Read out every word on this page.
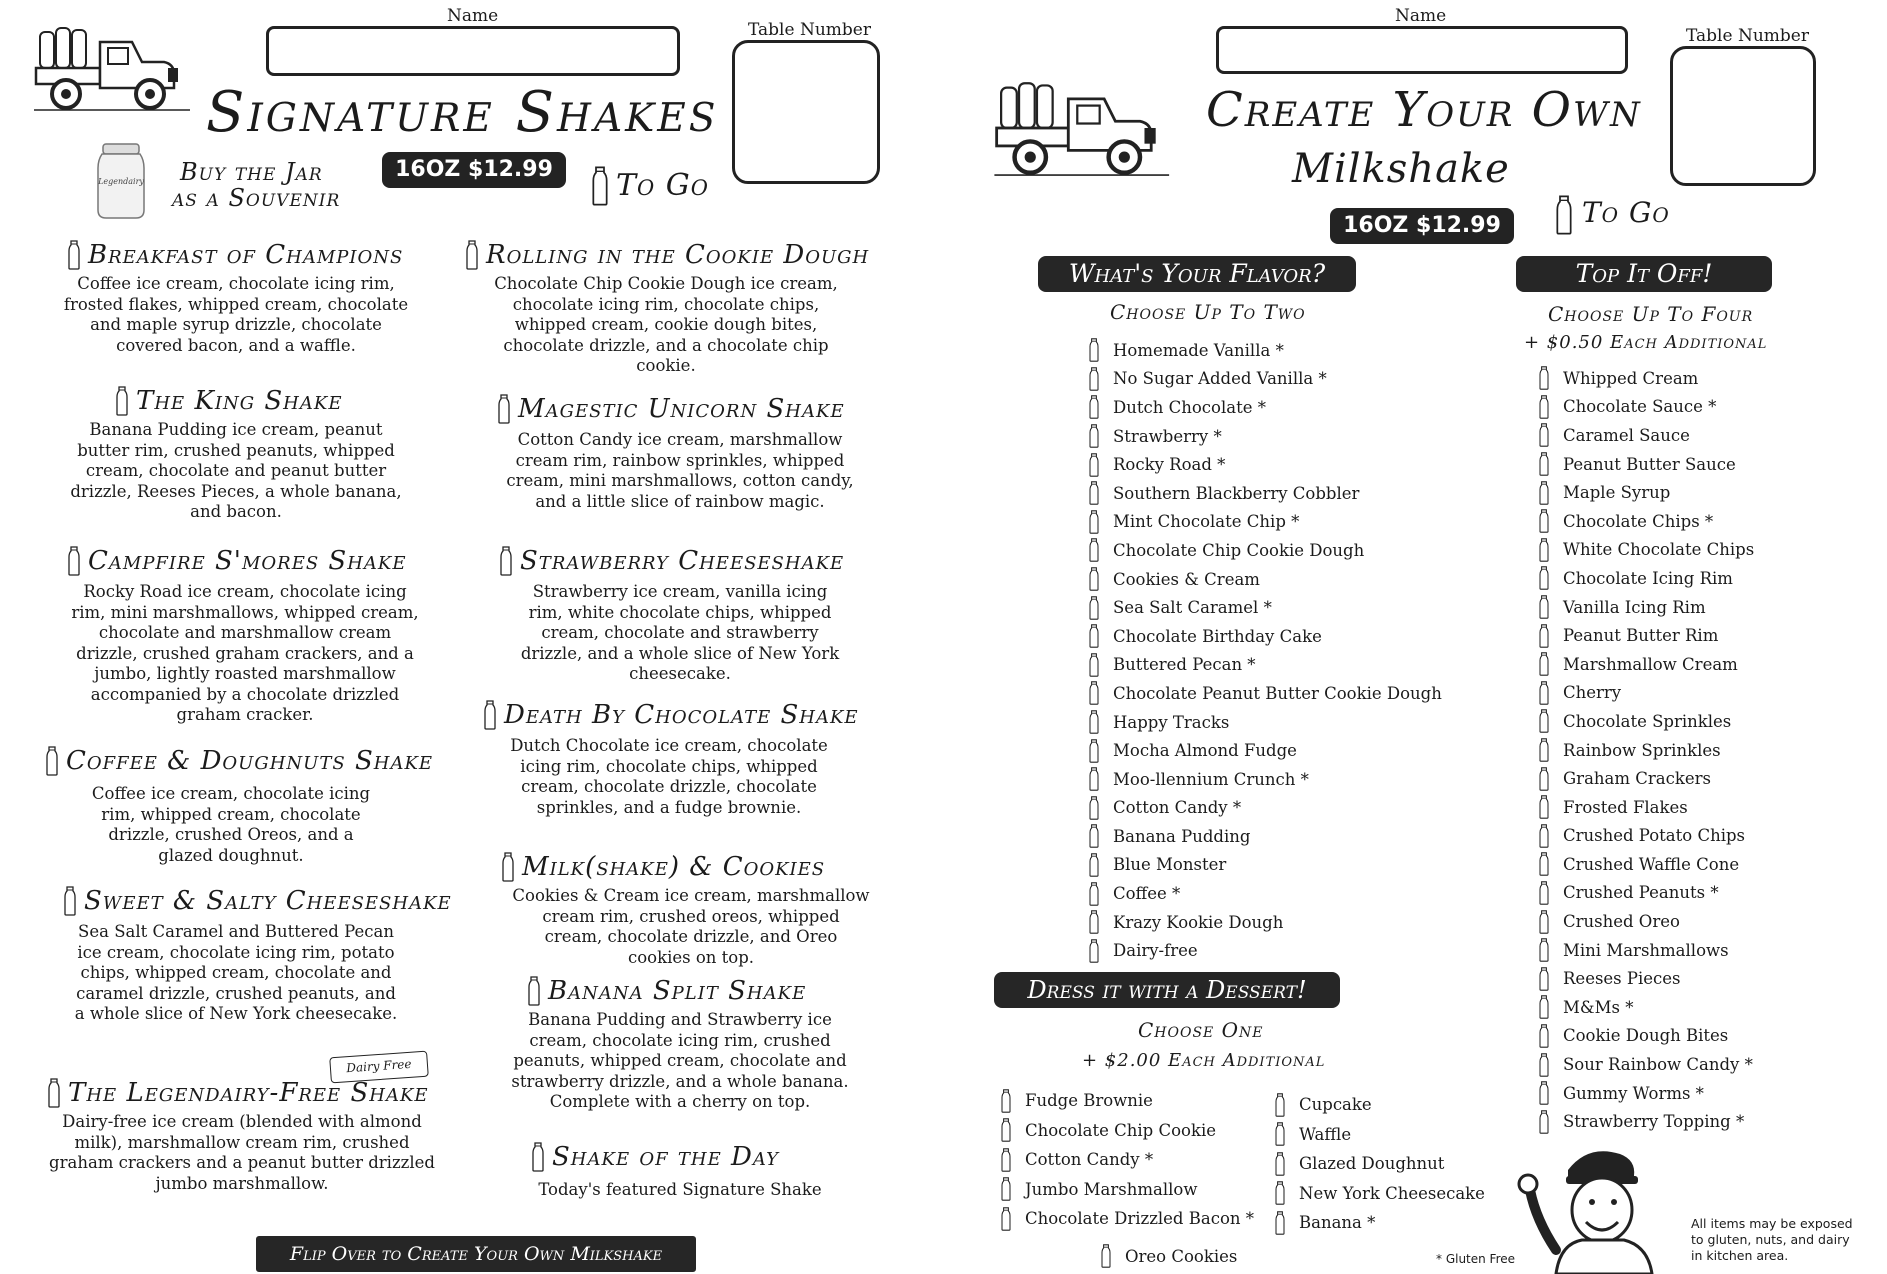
Name
Table Number
Signature Shakes
Legendairy Buy the Jar
as a Souvenir
16OZ $12.99	To Go
Breakfast of Champions
Coffee ice cream, chocolate icing rim, frosted flakes, whipped cream, chocolate and maple syrup drizzle, chocolate covered bacon, and a waffle.
The King Shake
Banana Pudding ice cream, peanut butter rim, crushed peanuts, whipped cream, chocolate and peanut butter drizzle, Reeses Pieces, a whole banana, and bacon.
Campfire S'mores Shake
Rocky Road ice cream, chocolate icing rim, mini marshmallows, whipped cream, chocolate and marshmallow cream drizzle, crushed graham crackers, and a jumbo, lightly roasted marshmallow accompanied by a chocolate drizzled graham cracker.
Coffee & Doughnuts Shake
Coffee ice cream, chocolate icing rim, whipped cream, chocolate drizzle, crushed Oreos, and a glazed doughnut.
Sweet & Salty Cheeseshake
Sea Salt Caramel and Buttered Pecan ice cream, chocolate icing rim, potato chips, whipped cream, chocolate and caramel drizzle, crushed peanuts, and a whole slice of New York cheesecake.
The Legendairy-Free Shake
Dairy-free ice cream (blended with almond milk), marshmallow cream rim, crushed graham crackers and a peanut butter drizzled jumbo marshmallow.
Dairy Free
Rolling in the Cookie Dough
Chocolate Chip Cookie Dough ice cream, chocolate icing rim, chocolate chips, whipped cream, cookie dough bites, chocolate drizzle, and a chocolate chip cookie.
Magestic Unicorn Shake
Cotton Candy ice cream, marshmallow cream rim, rainbow sprinkles, whipped cream, mini marshmallows, cotton candy, and a little slice of rainbow magic.
Strawberry Cheeseshake
Strawberry ice cream, vanilla icing rim, white chocolate chips, whipped cream, chocolate and strawberry drizzle, and a whole slice of New York cheesecake.
Death By Chocolate Shake
Dutch Chocolate ice cream, chocolate icing rim, chocolate chips, whipped cream, chocolate drizzle, chocolate sprinkles, and a fudge brownie.
Milk(shake) & Cookies
Cookies & Cream ice cream, marshmallow cream rim, crushed oreos, whipped cream, chocolate drizzle, and Oreo cookies on top.
Banana Split Shake
Banana Pudding and Strawberry ice cream, chocolate icing rim, crushed peanuts, whipped cream, chocolate and strawberry drizzle, and a whole banana. Complete with a cherry on top.
Shake of the Day
Today's featured Signature Shake
Flip Over to Create Your Own Milkshake
Name
Table Number
Create Your Own
Milkshake
To Go
16OZ $12.99
What's Your Flavor?
Choose Up To Two
Homemade Vanilla *
No Sugar Added Vanilla *
Dutch Chocolate *
Strawberry *
Rocky Road *
Southern Blackberry Cobbler
Mint Chocolate Chip *
Chocolate Chip Cookie Dough
Cookies & Cream
Sea Salt Caramel *
Chocolate Birthday Cake
Buttered Pecan *
Chocolate Peanut Butter Cookie Dough
Happy Tracks
Mocha Almond Fudge
Moo-llennium Crunch *
Cotton Candy *
Banana Pudding
Blue Monster
Coffee *
Krazy Kookie Dough
Dairy-free
Top It Off!
Choose Up To Four
+ $0.50 Each Additional
Whipped Cream
Chocolate Sauce *
Caramel Sauce
Peanut Butter Sauce
Maple Syrup
Chocolate Chips *
White Chocolate Chips
Chocolate Icing Rim
Vanilla Icing Rim
Peanut Butter Rim
Marshmallow Cream
Cherry
Chocolate Sprinkles
Rainbow Sprinkles
Graham Crackers
Frosted Flakes
Crushed Potato Chips
Crushed Waffle Cone
Crushed Peanuts *
Crushed Oreo
Mini Marshmallows
Reeses Pieces
M&Ms *
Cookie Dough Bites
Sour Rainbow Candy *
Gummy Worms *
Strawberry Topping *
Dress it with a Dessert!
Choose One
+ $2.00 Each Additional
Fudge Brownie
Chocolate Chip Cookie
Cotton Candy *
Jumbo Marshmallow
Chocolate Drizzled Bacon *
Cupcake
Waffle
Glazed Doughnut
New York Cheesecake
Banana *
Oreo Cookies	* Gluten Free
All items may be exposed to gluten, nuts, and dairy in kitchen area.
